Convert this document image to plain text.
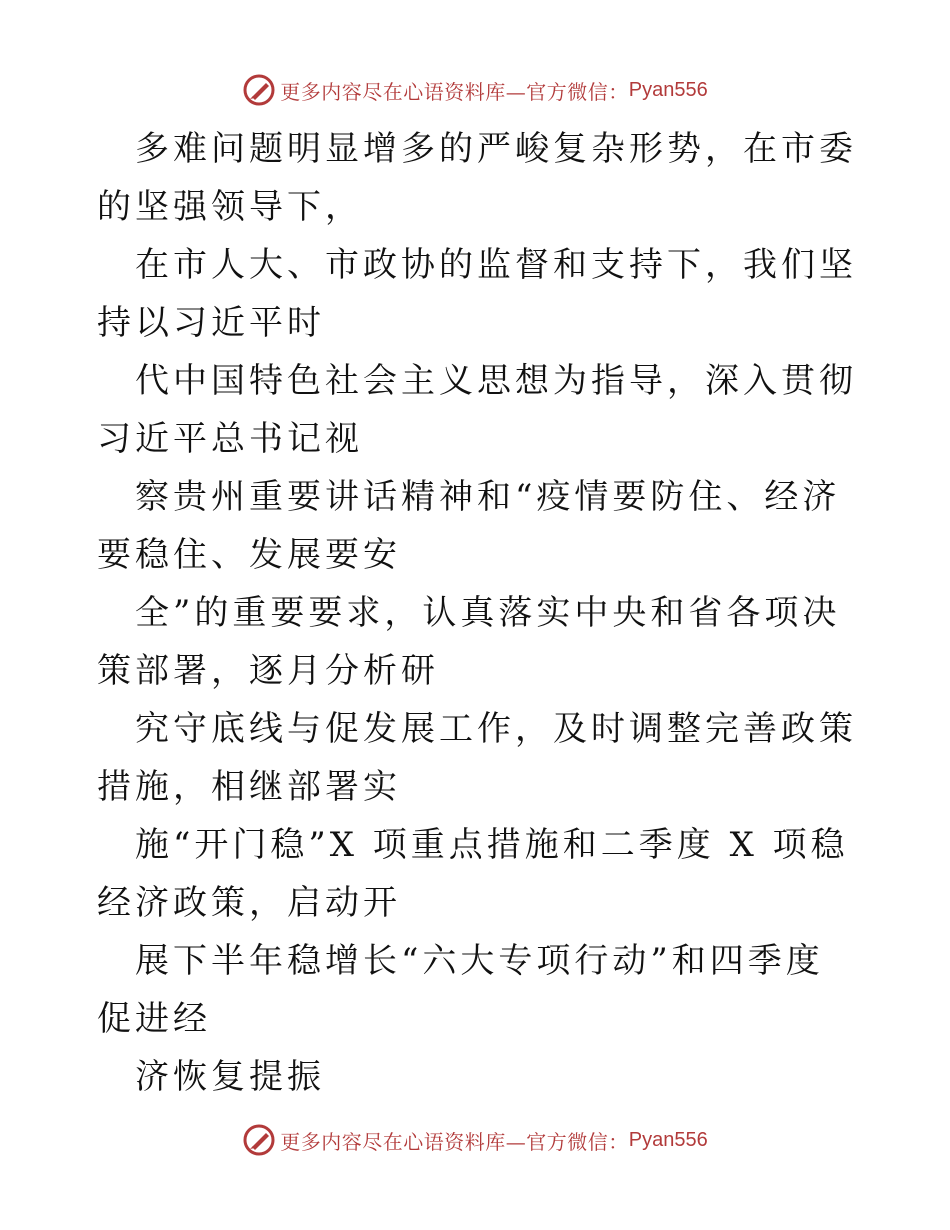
更多内容尽在心语资料库—官方微信： Pyan556

多难问题明显增多的严峻复杂形势，在市委的坚强领导下，

在市人大、市政协的监督和支持下，我们坚持以习近平时

代中国特色社会主义思想为指导，深入贯彻习近平总书记视

察贵州重要讲话精神和“疫情要防住、经济要稳住、发展要安

全”的重要要求，认真落实中央和省各项决策部署，逐月分析研

究守底线与促发展工作，及时调整完善政策措施，相继部署实

施“开门稳”X 项重点措施和二季度 X 项稳经济政策，启动开

展下半年稳增长“六大专项行动”和四季度促进经

济恢复提振

更多内容尽在心语资料库—官方微信： Pyan556
